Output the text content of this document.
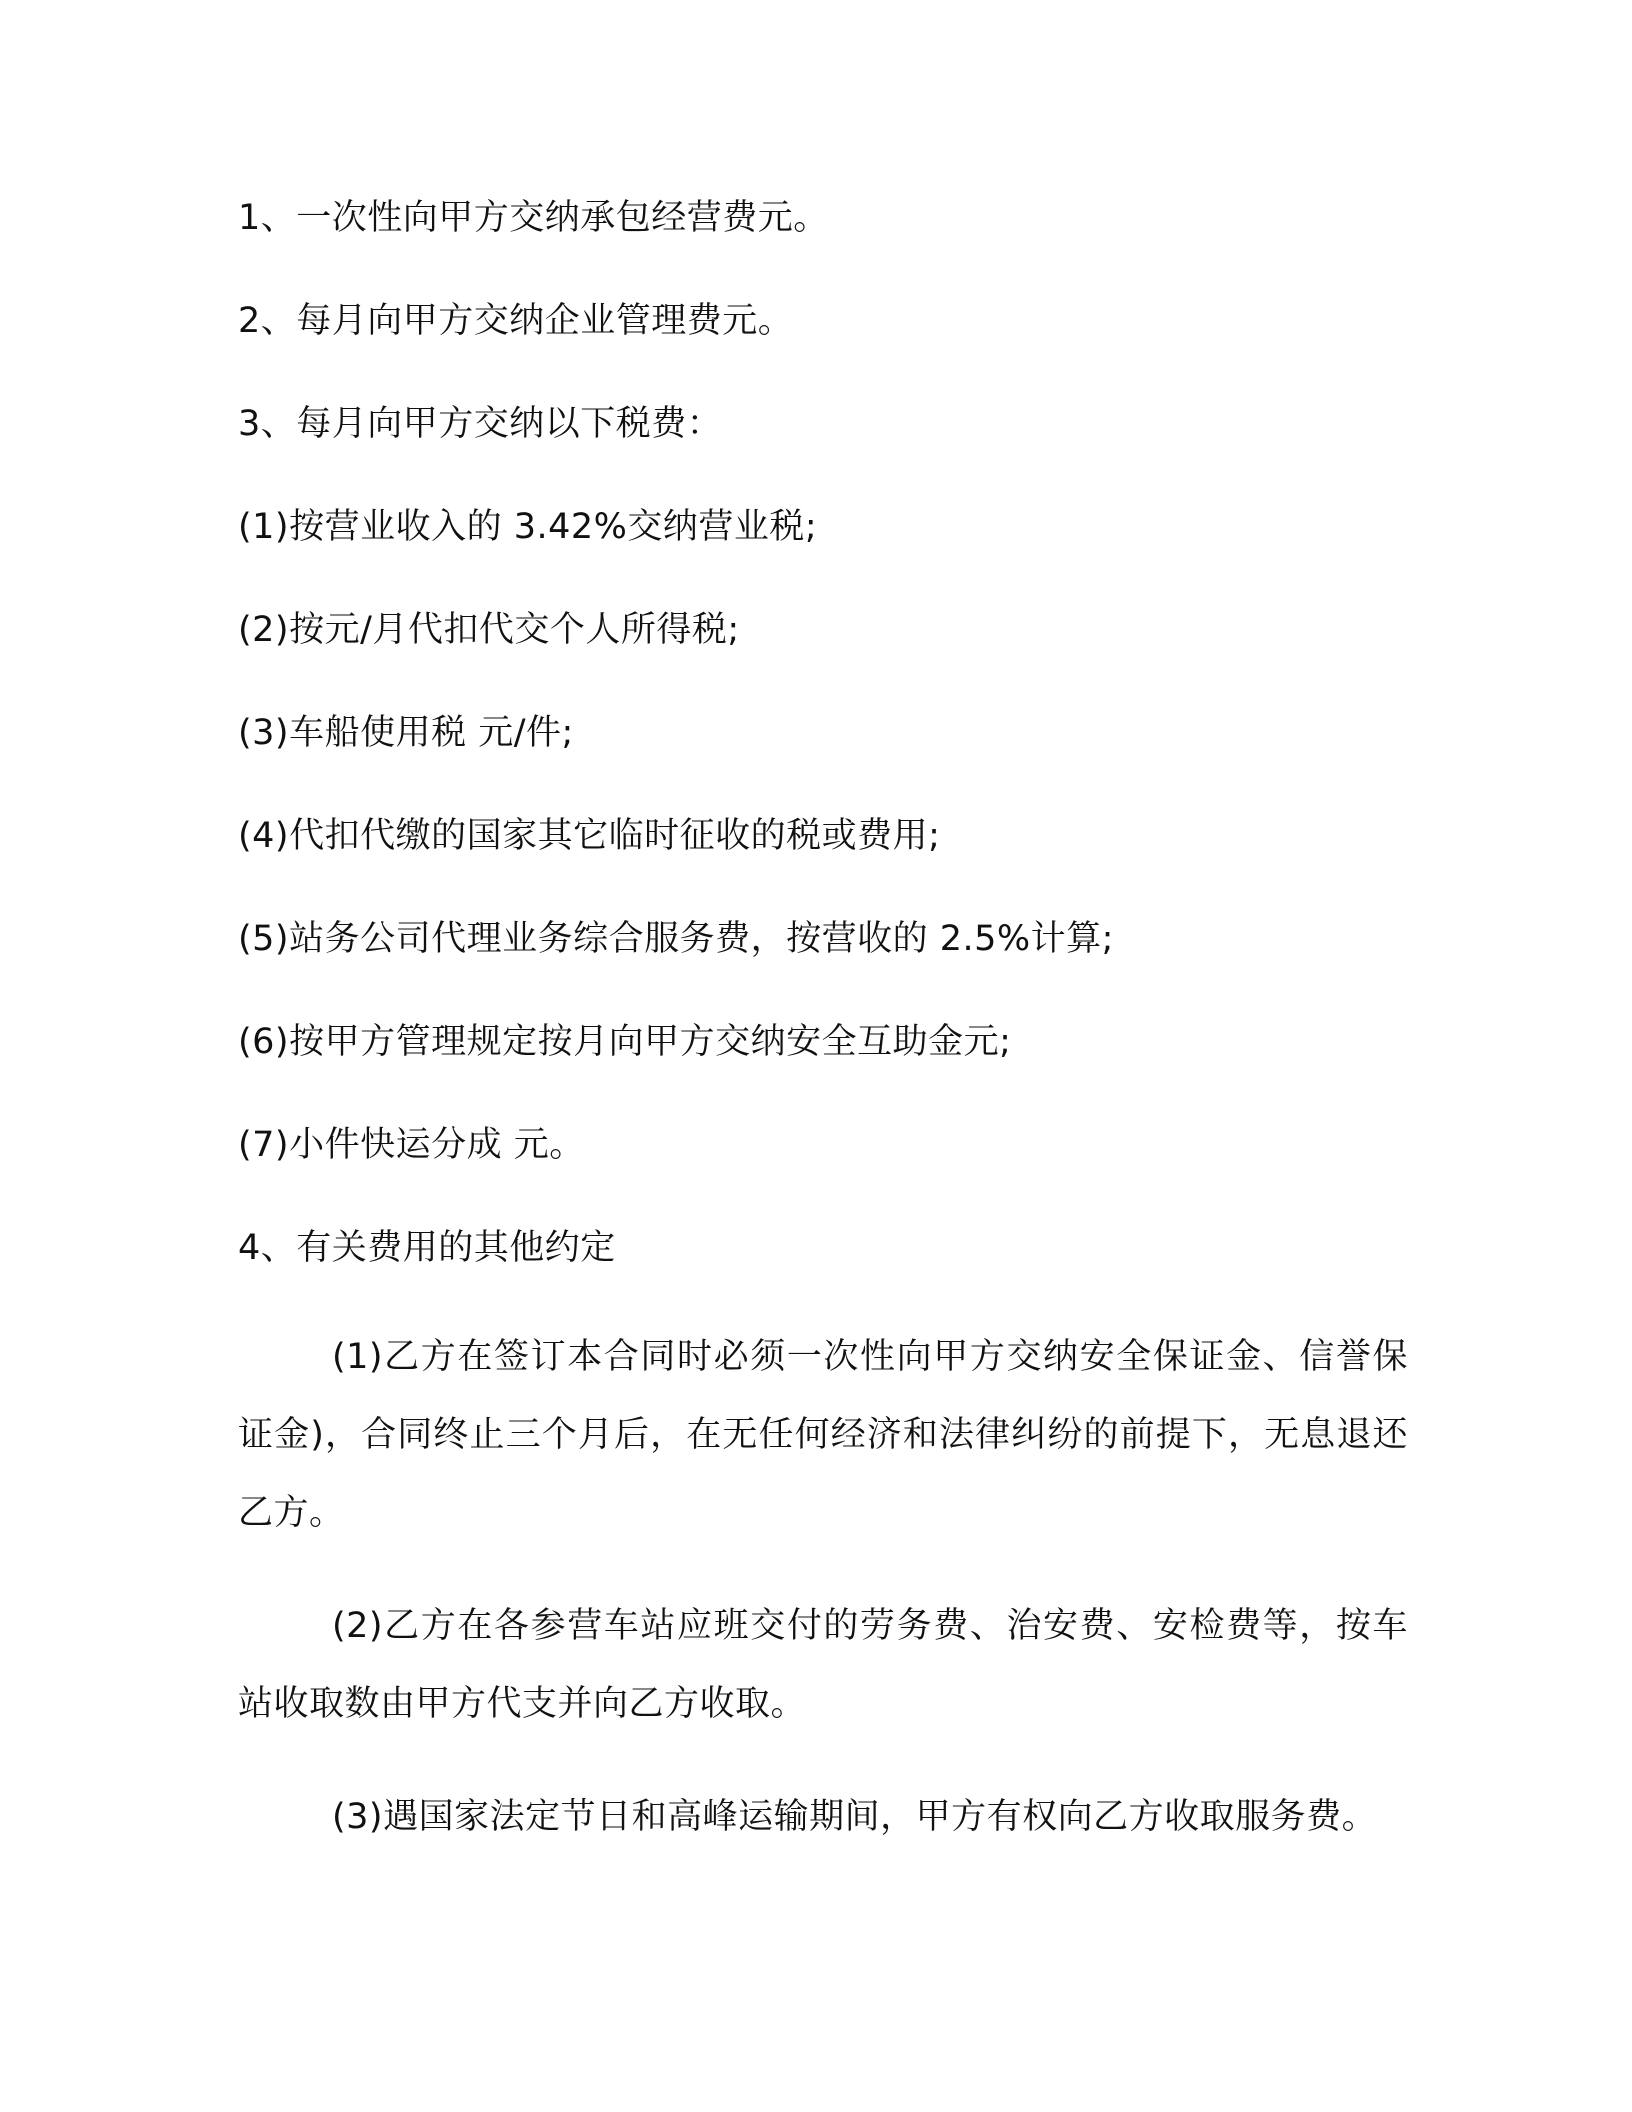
1、一次性向甲方交纳承包经营费元。
2、每月向甲方交纳企业管理费元。
3、每月向甲方交纳以下税费：
(1)按营业收入的 3.42%交纳营业税;
(2)按元/月代扣代交个人所得税;
(3)车船使用税 元/件;
(4)代扣代缴的国家其它临时征收的税或费用;
(5)站务公司代理业务综合服务费，按营收的 2.5%计算;
(6)按甲方管理规定按月向甲方交纳安全互助金元;
(7)小件快运分成 元。
4、有关费用的其他约定

(1)乙方在签订本合同时必须一次性向甲方交纳安全保证金、信誉保证金)，合同终止三个月后，在无任何经济和法律纠纷的前提下，无息退还乙方。

(2)乙方在各参营车站应班交付的劳务费、治安费、安检费等，按车站收取数由甲方代支并向乙方收取。

(3)遇国家法定节日和高峰运输期间，甲方有权向乙方收取服务费。
